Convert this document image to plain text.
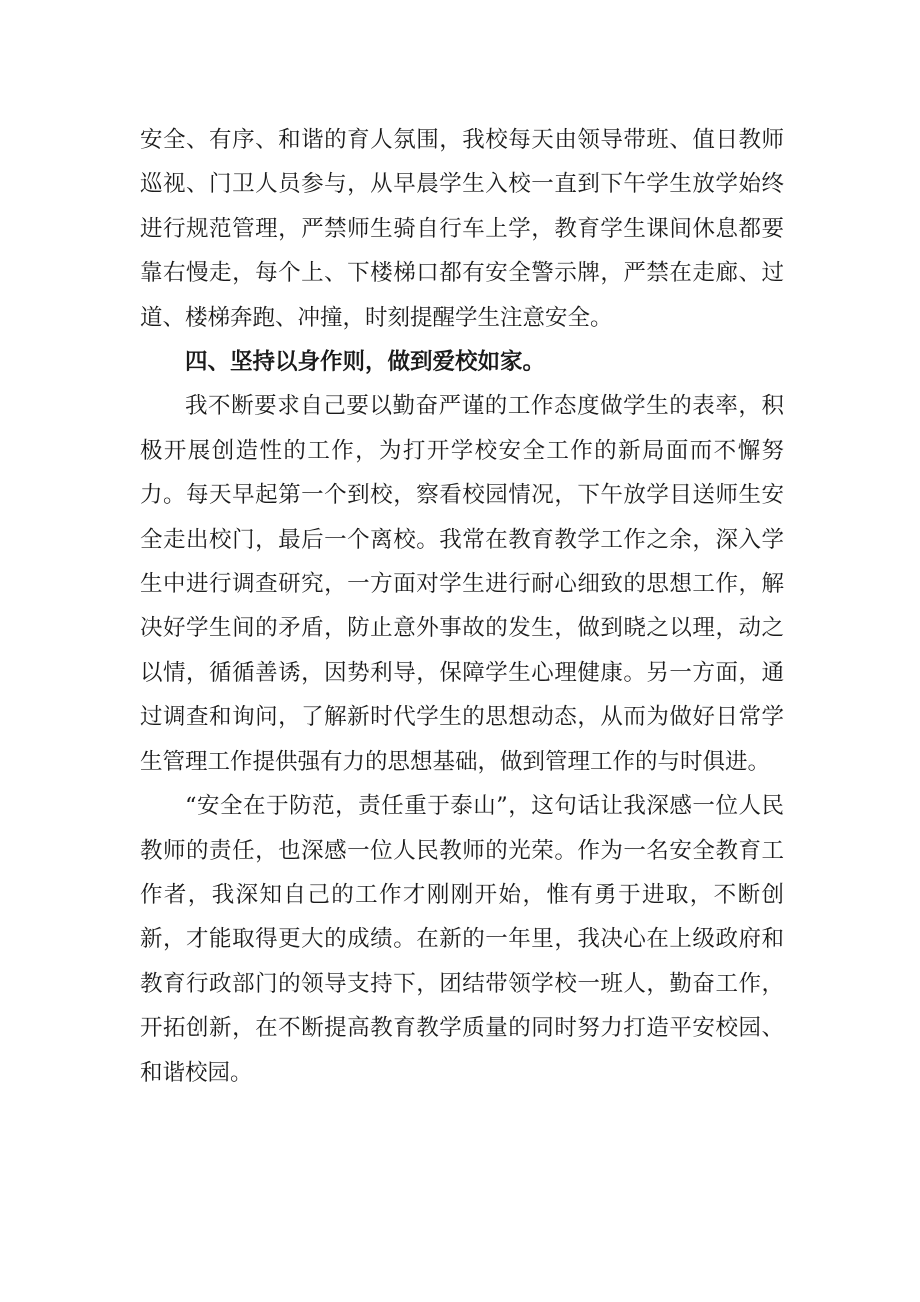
安全、有序、和谐的育人氛围，我校每天由领导带班、值日教师巡视、门卫人员参与，从早晨学生入校一直到下午学生放学始终进行规范管理，严禁师生骑自行车上学，教育学生课间休息都要靠右慢走，每个上、下楼梯口都有安全警示牌，严禁在走廊、过道、楼梯奔跑、冲撞，时刻提醒学生注意安全。

四、坚持以身作则，做到爱校如家。

我不断要求自己要以勤奋严谨的工作态度做学生的表率，积极开展创造性的工作，为打开学校安全工作的新局面而不懈努力。每天早起第一个到校，察看校园情况，下午放学目送师生安全走出校门，最后一个离校。我常在教育教学工作之余，深入学生中进行调查研究，一方面对学生进行耐心细致的思想工作，解决好学生间的矛盾，防止意外事故的发生，做到晓之以理，动之以情，循循善诱，因势利导，保障学生心理健康。另一方面，通过调查和询问，了解新时代学生的思想动态，从而为做好日常学生管理工作提供强有力的思想基础，做到管理工作的与时俱进。

“安全在于防范，责任重于泰山”，这句话让我深感一位人民教师的责任，也深感一位人民教师的光荣。作为一名安全教育工作者，我深知自己的工作才刚刚开始，惟有勇于进取，不断创新，才能取得更大的成绩。在新的一年里，我决心在上级政府和教育行政部门的领导支持下，团结带领学校一班人，勤奋工作，开拓创新，在不断提高教育教学质量的同时努力打造平安校园、和谐校园。
